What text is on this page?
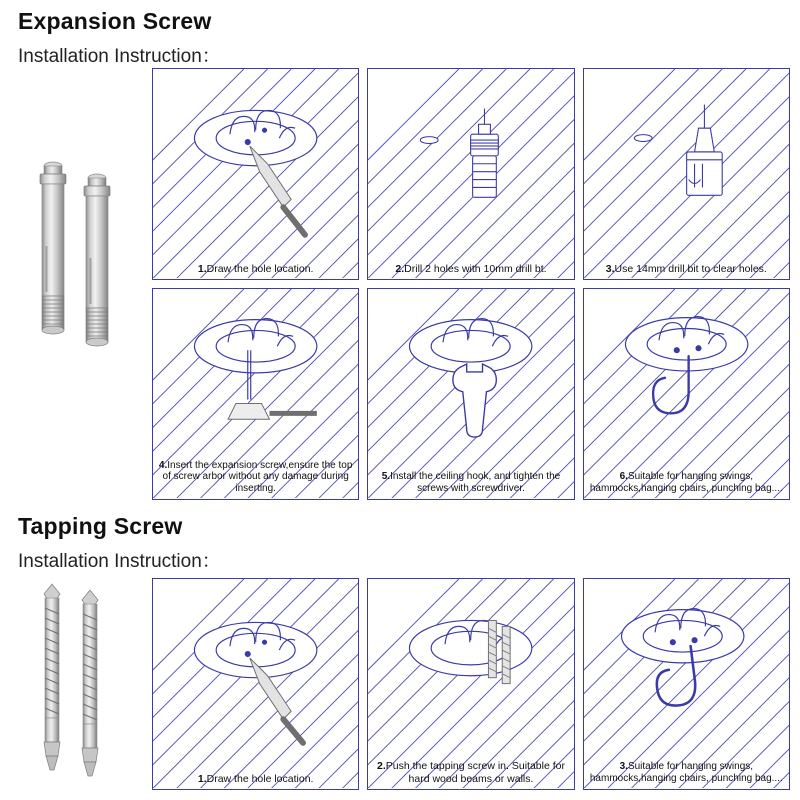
Expansion Screw
Installation Instruction：
1.Draw the hole location.	2.Drill 2 holes with 10mm drill bt.	3.Use 14mm drill bit to clear holes.
4.Insert the expansion screw,ensure the top of screw arbor without any damage during inserting.
5.Install the ceiling hook, and tighten the screws with screwdriver.
6.Suitable for hanging swings, hammocks,hanging chairs, punching bag....
Tapping Screw
Installation Instruction：
1.Draw the hole location.
2.Push the tapping screw in. Suitable for hard wood beams or walls.
3.Suitable for hanging swings, hammocks,hanging chairs, punching bag....
